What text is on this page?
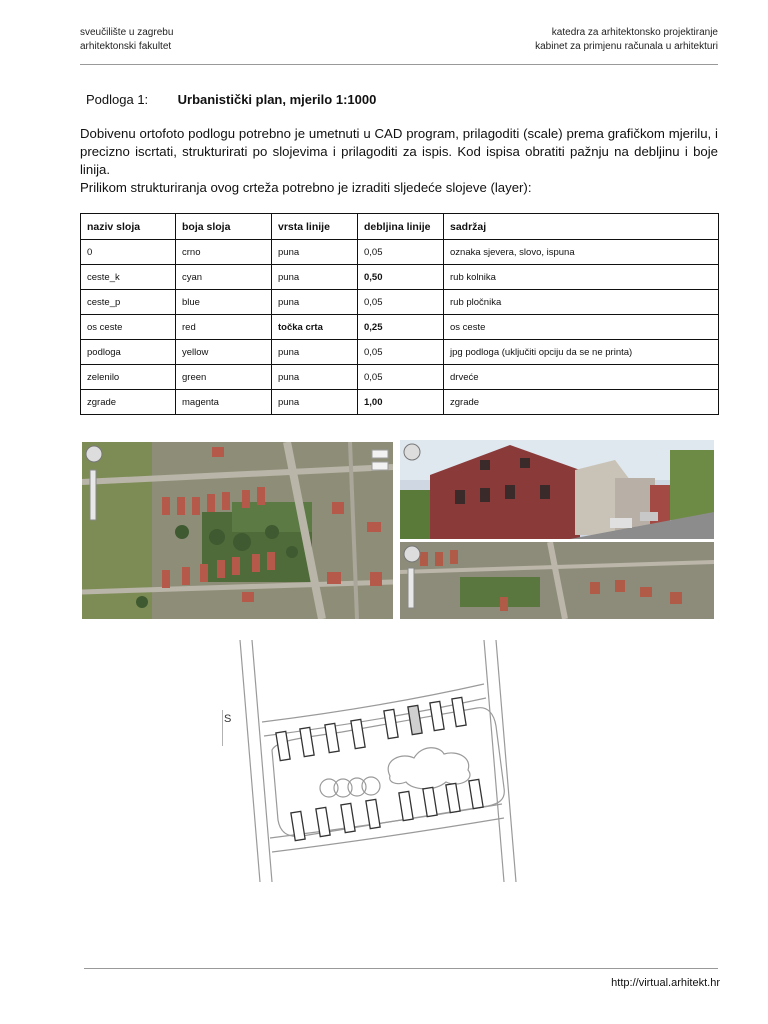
sveučilište u zagrebu
arhitektonski fakultet
katedra za arhitektonsko projektiranje
kabinet za primjenu računala u arhitekturi
Podloga 1: Urbanistički plan, mjerilo 1:1000
Dobivenu ortofoto podlogu potrebno je umetnuti u CAD program, prilagoditi (scale) prema grafičkom mjerilu, i precizno iscrtati, strukturirati po slojevima i prilagoditi za ispis. Kod ispisa obratiti pažnju na debljinu i boje linija.
Prilikom strukturiranja ovog crteža potrebno je izraditi sljedeće slojeve (layer):
naziv sloja	boja sloja	vrsta linije	debljina linije	sadržaj
0	crno	puna	0,05	oznaka sjevera, slovo, ispuna
ceste_k	cyan	puna	0,50	rub kolnika
ceste_p	blue	puna	0,05	rub pločnika
os ceste	red	točka crta	0,25	os ceste
podloga	yellow	puna	0,05	jpg podloga (uključiti opciju da se ne printa)
zelenilo	green	puna	0,05	drveće
zgrade	magenta	puna	1,00	zgrade
S
http://virtual.arhitekt.hr
